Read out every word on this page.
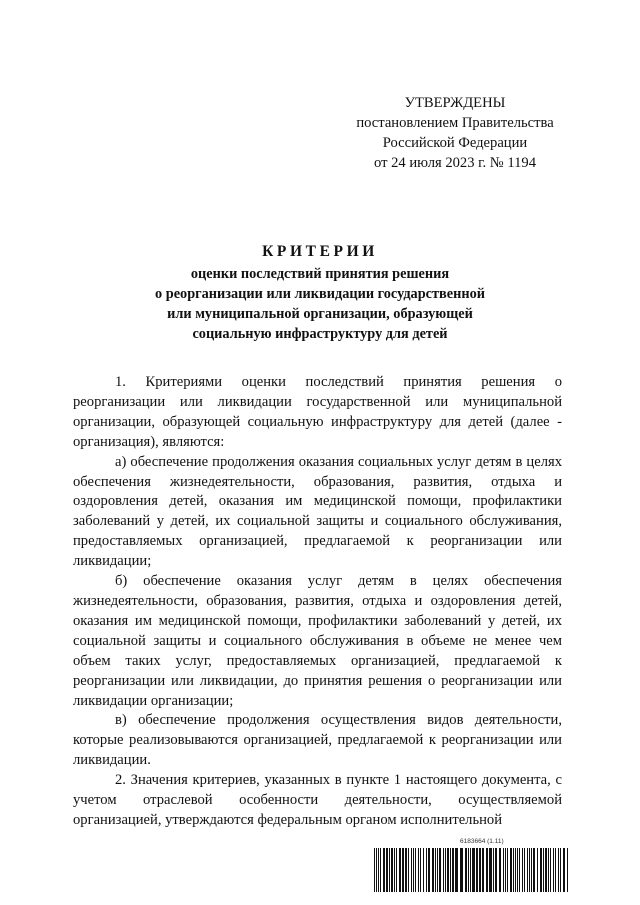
УТВЕРЖДЕНЫ
постановлением Правительства
Российской Федерации
от 24 июля 2023 г. № 1194
КРИТЕРИИ
оценки последствий принятия решения
о реорганизации или ликвидации государственной
или муниципальной организации, образующей
социальную инфраструктуру для детей

1. Критериями оценки последствий принятия решения о реорганизации или ликвидации государственной или муниципальной организации, образующей социальную инфраструктуру для детей (далее - организация), являются:

а) обеспечение продолжения оказания социальных услуг детям в целях обеспечения жизнедеятельности, образования, развития, отдыха и оздоровления детей, оказания им медицинской помощи, профилактики заболеваний у детей, их социальной защиты и социального обслуживания, предоставляемых организацией, предлагаемой к реорганизации или ликвидации;

б) обеспечение оказания услуг детям в целях обеспечения жизнедеятельности, образования, развития, отдыха и оздоровления детей, оказания им медицинской помощи, профилактики заболеваний у детей, их социальной защиты и социального обслуживания в объеме не менее чем объем таких услуг, предоставляемых организацией, предлагаемой к реорганизации или ликвидации, до принятия решения о реорганизации или ликвидации организации;

в) обеспечение продолжения осуществления видов деятельности, которые реализовываются организацией, предлагаемой к реорганизации или ликвидации.

2. Значения критериев, указанных в пункте 1 настоящего документа, с учетом отраслевой особенности деятельности, осуществляемой организацией, утверждаются федеральным органом исполнительной

6183664 (1.11)
